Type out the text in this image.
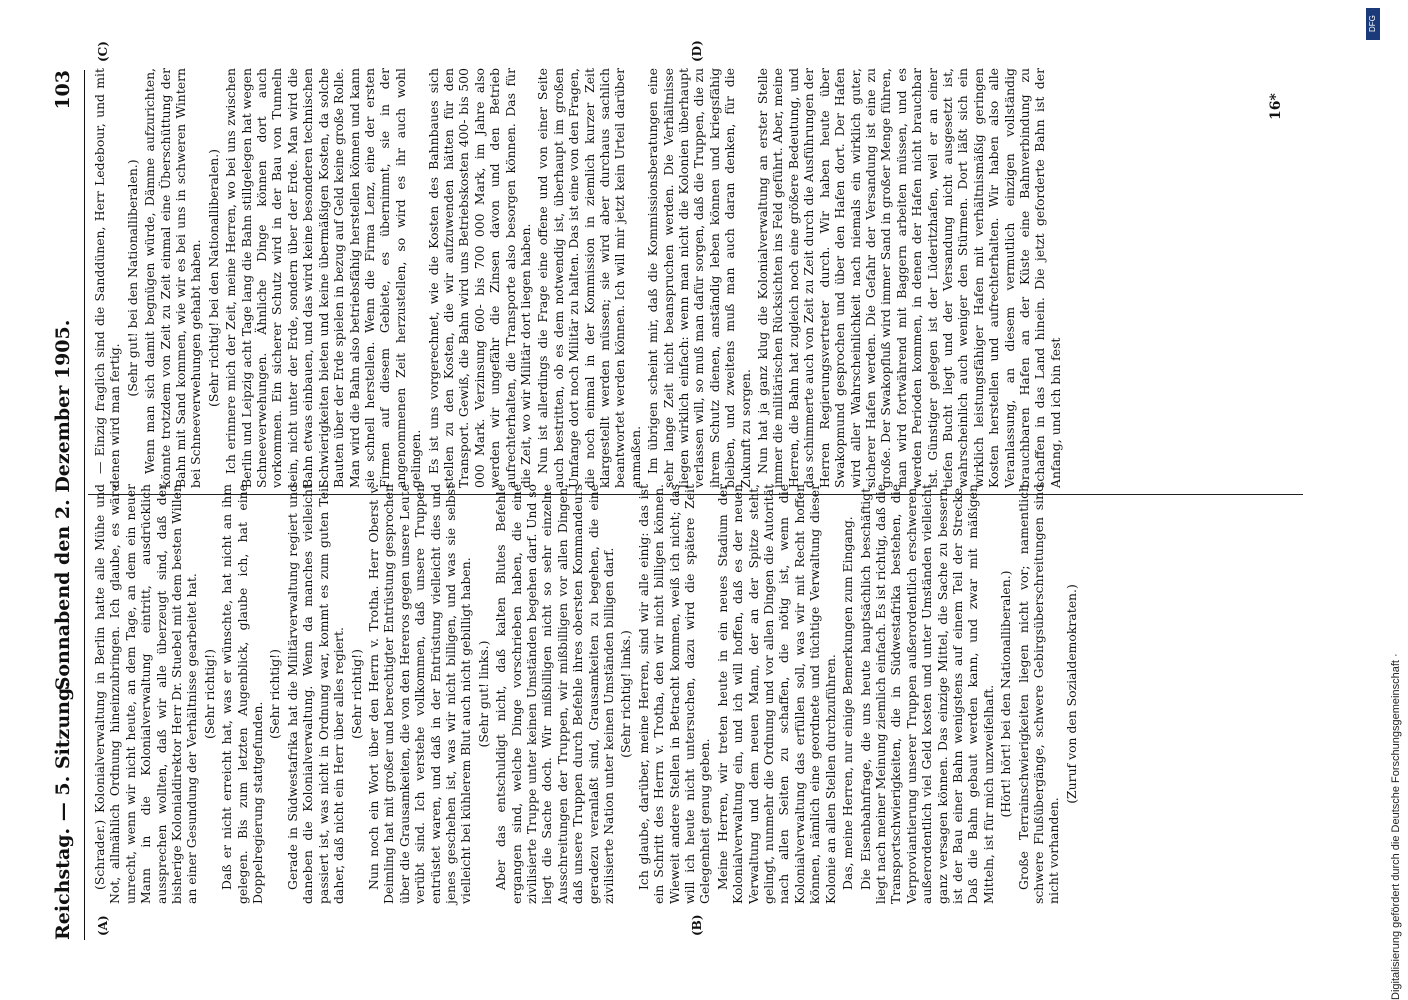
Reichstag. — 5. Sitzung.
Sonnabend den 2. Dezember 1905.
103
(A)	(B)
(C)	(D)

(Schrader.) Kolonialverwaltung in Berlin hatte alle Mühe und Not, allmählich Ordnung hineinzubringen. Ich glaube, es wäre unrecht, wenn wir nicht heute, an dem Tage, an dem ein neuer Mann in die Kolonialverwaltung eintritt, ausdrücklich aussprechen wollten, daß wir alle überzeugt sind, daß der bisherige Kolonialdirektor Herr Dr. Stuebel mit dem besten Willen an einer Gesundung der Verhältnisse gearbeitet hat. (Sehr richtig!) Daß er nicht erreicht hat, was er wünschte, hat nicht an ihm gelegen. Bis zum letzten Augenblick, glaube ich, hat eine Doppelregierung stattgefunden.

(Sehr richtig!) Gerade in Südwestafrika hat die Militärverwaltung regiert und daneben die Kolonialverwaltung. Wenn da manches vielleicht passiert ist, was nicht in Ordnung war, kommt es zum guten Teil daher, daß nicht ein Herr über alles regiert. (Sehr richtig!) Nun noch ein Wort über den Herrn v. Trotha. Herr Oberst v. Deimling hat mit großer und berechtigter Entrüstung gesprochen über die Grausamkeiten, die von den Hereros gegen unsere Leute verübt sind. Ich verstehe vollkommen, daß unsere Truppen entrüstet waren, und daß in der Entrüstung vielleicht dies und jenes geschehen ist, was wir nicht billigen, und was sie selbst vielleicht bei kühlerem Blut auch nicht gebilligt haben. (Sehr gut! links.) Aber das entschuldigt nicht, daß kalten Blutes Befehle ergangen sind, welche Dinge vorschrieben haben, die eine zivilisierte Truppe unter keinen Umständen begehen darf. Und so liegt die Sache doch. Wir mißbilligen nicht so sehr einzelne Ausschreitungen der Truppen, wir mißbilligen vor allen Dingen, daß unsere Truppen durch Befehle ihres obersten Kommandeurs geradezu veranlaßt sind, Grausamkeiten zu begehen, die eine zivilisierte Nation unter keinen Umständen billigen darf. (Sehr richtig! links.) Ich glaube, darüber, meine Herren, sind wir alle einig: das ist ein Schritt des Herrn v. Trotha, den wir nicht billigen können. Wieweit andere Stellen in Betracht kommen, weiß ich nicht; das will ich heute nicht untersuchen, dazu wird die spätere Zeit Gelegenheit genug geben. Meine Herren, wir treten heute in ein neues Stadium der Kolonialverwaltung ein, und ich will hoffen, daß es der neuen Verwaltung und dem neuen Mann, der an der Spitze steht, gelingt, nunmehr die Ordnung und vor allen Dingen die Autorität nach allen Seiten zu schaffen, die nötig ist, wenn die Kolonialverwaltung das erfüllen soll, was wir mit Recht hoffen können, nämlich eine geordnete und tüchtige Verwaltung dieser Kolonie an allen Stellen durchzuführen. Das, meine Herren, nur einige Bemerkungen zum Eingang. Die Eisenbahnfrage, die uns heute hauptsächlich beschäftigt, liegt nach meiner Meinung ziemlich einfach. Es ist richtig, daß die Transportschwierigkeiten, die in Südwestafrika bestehen, die Verproviantierung unserer Truppen außerordentlich erschweren, außerordentlich viel Geld kosten und unter Umständen vielleicht ganz versagen können. Das einzige Mittel, die Sache zu bessern, ist der Bau einer Bahn wenigstens auf einem Teil der Strecke. Daß die Bahn gebaut werden kann, und zwar mit mäßigen Mitteln, ist für mich unzweifelhaft. (Hört! hört! bei den Nationalliberalen.) Große Terrainschwierigkeiten liegen nicht vor; namentlich schwere Flußübergänge, schwere Gebirgsüberschreitungen sind nicht vorhanden.

(Zuruf von den Sozialdemokraten.)

— Einzig fraglich sind die Sanddünen, Herr Ledebour, und mit denen wird man fertig.

(Sehr gut! bei den Nationalliberalen.) Wenn man sich damit begnügen würde, Dämme aufzurichten, könnte trotzdem von Zeit zu Zeit einmal eine Überschüttung der Bahn mit Sand kommen, wie wir es bei uns in schweren Wintern bei Schneeverwehungen gehabt haben. (Sehr richtig! bei den Nationalliberalen.) Ich erinnere mich der Zeit, meine Herren, wo bei uns zwischen Berlin und Leipzig acht Tage lang die Bahn stillgelegen hat wegen Schneeverwehungen. Ähnliche Dinge können dort auch vorkommen. Ein sicherer Schutz wird in der Bau von Tunneln sein, nicht unter der Erde, sondern über der Erde. Man wird die Bahn etwas einbauen, und das wird keine besonderen technischen Schwierigkeiten bieten und keine übermäßigen Kosten, da solche Bauten über der Erde spielen in bezug auf Geld keine große Rolle. Man wird die Bahn also betriebsfähig herstellen können und kann sie schnell herstellen. Wenn die Firma Lenz, eine der ersten Firmen auf diesem Gebiete, es übernimmt, sie in der angenommenen Zeit herzustellen, so wird es ihr auch wohl gelingen. Es ist uns vorgerechnet, wie die Kosten des Bahnbaues sich stellen zu den Kosten, die wir aufzuwenden hätten für den Transport. Gewiß, die Bahn wird uns Betriebskosten 400- bis 500 000 Mark. Verzinsung 600- bis 700 000 Mark, im Jahre also werden wir ungefähr die Zinsen davon und den Betrieb aufrechterhalten, die Transporte also besorgen können. Das für die Zeit, wo wir Militär dort liegen haben. Nun ist allerdings die Frage eine offene und von einer Seite auch bestritten, ob es dem notwendig ist, überhaupt im großen Umfange dort noch Militär zu halten. Das ist eine von den Fragen, die noch einmal in der Kommission in ziemlich kurzer Zeit klargestellt werden müssen; sie wird aber durchaus sachlich beantwortet werden können. Ich will mir jetzt kein Urteil darüber anmaßen. Im übrigen scheint mir, daß die Kommissionsberatungen eine sehr lange Zeit nicht beanspruchen werden. Die Verhältnisse liegen wirklich einfach: wenn man nicht die Kolonien überhaupt verlassen will, so muß man dafür sorgen, daß die Truppen, die zu ihrem Schutz dienen, anständig leben können und kriegsfähig bleiben, und zweitens muß man auch daran denken, für die Zukunft zu sorgen. Nun hat ja ganz klug die Kolonialverwaltung an erster Stelle immer die militärischen Rücksichten ins Feld geführt. Aber, meine Herren, die Bahn hat zugleich noch eine größere Bedeutung, und das schimmerte auch von Zeit zu Zeit durch die Ausführungen der Herren Regierungsvertreter durch. Wir haben heute über Swakopmund gesprochen und über den Hafen dort. Der Hafen wird aller Wahrscheinlichkeit nach niemals ein wirklich guter, sicherer Hafen werden. Die Gefahr der Versandung ist eine zu große. Der Swakopfluß wird immer Sand in großer Menge führen, man wird fortwährend mit Baggern arbeiten müssen, und es werden Perioden kommen, in denen der Hafen nicht brauchbar ist. Günstiger gelegen ist der Lüderitzhafen, weil er an einer tiefen Bucht liegt und der Versandung nicht ausgesetzt ist, wahrscheinlich auch weniger den Stürmen. Dort läßt sich ein wirklich leistungsfähiger Hafen mit verhältnismäßig geringen Kosten herstellen und aufrechterhalten. Wir haben also alle Veranlassung, an diesem vermutlich einzigen vollständig brauchbaren Hafen an der Küste eine Bahnverbindung zu schaffen in das Land hinein. Die jetzt geforderte Bahn ist der Anfang, und ich bin fest

16*
Digitalisierung gefördert durch die Deutsche Forschungsgemeinschaft ·
DFG
